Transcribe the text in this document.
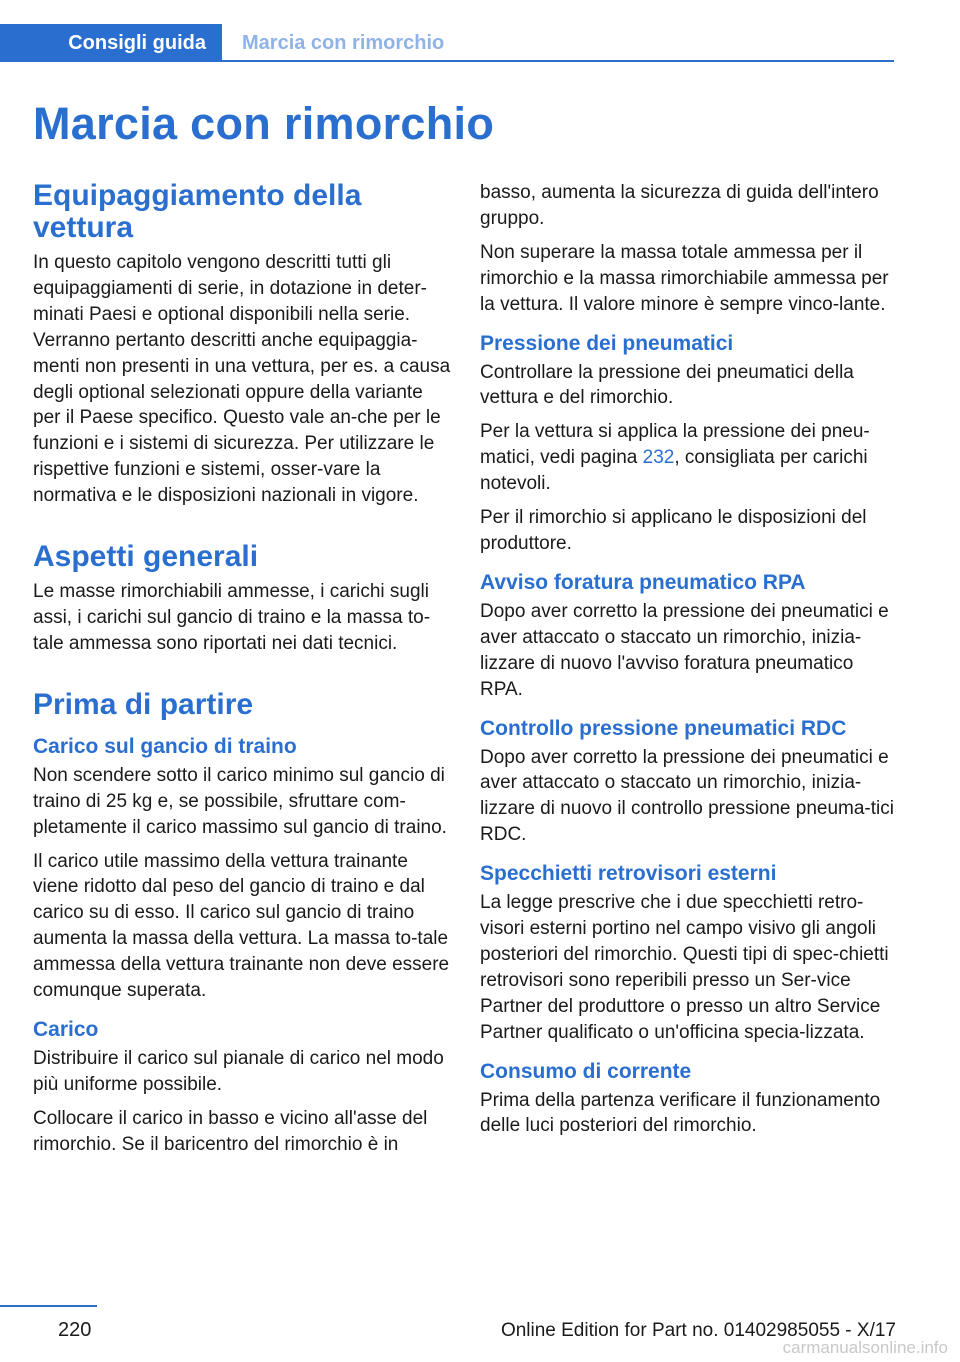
Consigli guida Marcia con rimorchio
Marcia con rimorchio
Equipaggiamento della vettura

In questo capitolo vengono descritti tutti gli equipaggiamenti di serie, in dotazione in deter‐minati Paesi e optional disponibili nella serie. Verranno pertanto descritti anche equipaggia‐menti non presenti in una vettura, per es. a causa degli optional selezionati oppure della variante per il Paese specifico. Questo vale an‐che per le funzioni e i sistemi di sicurezza. Per utilizzare le rispettive funzioni e sistemi, osser‐vare la normativa e le disposizioni nazionali in vigore.

Aspetti generali

Le masse rimorchiabili ammesse, i carichi sugli assi, i carichi sul gancio di traino e la massa to‐tale ammessa sono riportati nei dati tecnici.

Prima di partire
Carico sul gancio di traino

Non scendere sotto il carico minimo sul gancio di traino di 25 kg e, se possibile, sfruttare com‐pletamente il carico massimo sul gancio di traino.

Il carico utile massimo della vettura trainante viene ridotto dal peso del gancio di traino e dal carico su di esso. Il carico sul gancio di traino aumenta la massa della vettura. La massa to‐tale ammessa della vettura trainante non deve essere comunque superata.

Carico

Distribuire il carico sul pianale di carico nel modo più uniforme possibile.

Collocare il carico in basso e vicino all'asse del rimorchio. Se il baricentro del rimorchio è in

basso, aumenta la sicurezza di guida dell'intero gruppo.

Non superare la massa totale ammessa per il rimorchio e la massa rimorchiabile ammessa per la vettura. Il valore minore è sempre vinco‐lante.

Pressione dei pneumatici

Controllare la pressione dei pneumatici della vettura e del rimorchio.

Per la vettura si applica la pressione dei pneu‐matici, vedi pagina 232, consigliata per carichi notevoli.

Per il rimorchio si applicano le disposizioni del produttore.

Avviso foratura pneumatico RPA

Dopo aver corretto la pressione dei pneumatici e aver attaccato o staccato un rimorchio, inizia‐lizzare di nuovo l'avviso foratura pneumatico RPA.

Controllo pressione pneumatici RDC

Dopo aver corretto la pressione dei pneumatici e aver attaccato o staccato un rimorchio, inizia‐lizzare di nuovo il controllo pressione pneuma‐tici RDC.

Specchietti retrovisori esterni

La legge prescrive che i due specchietti retro‐visori esterni portino nel campo visivo gli angoli posteriori del rimorchio. Questi tipi di spec‐chietti retrovisori sono reperibili presso un Ser‐vice Partner del produttore o presso un altro Service Partner qualificato o un'officina specia‐lizzata.

Consumo di corrente

Prima della partenza verificare il funzionamento delle luci posteriori del rimorchio.

220	Online Edition for Part no. 01402985055 - X/17
carmanualsonline.info
